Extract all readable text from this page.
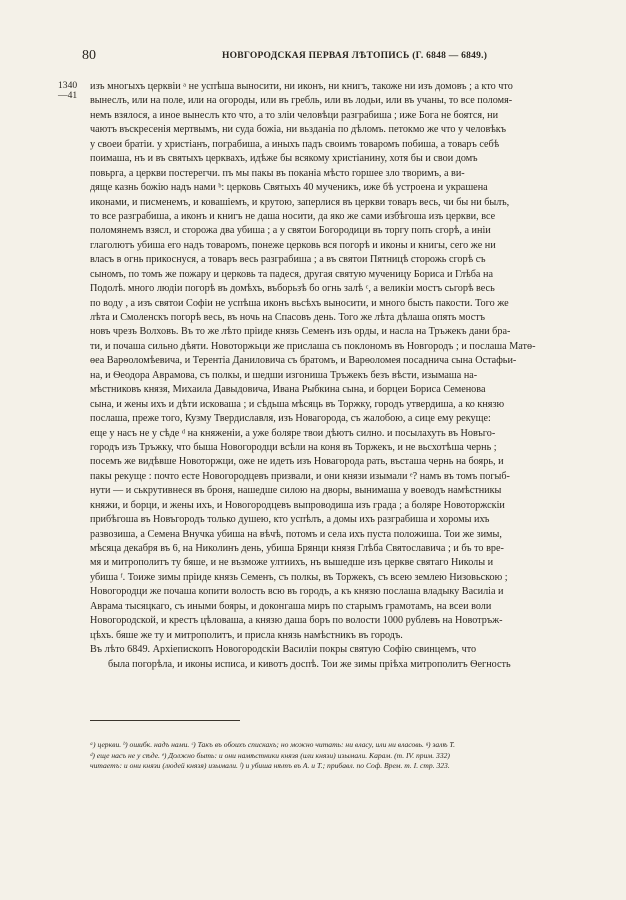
80	НОВГОРОДСКАЯ ПЕРВАЯ ЛѢТОПИСЬ (Г. 6848 — 6849.)
1340
—41
изъ многыхъ церквiи ᵃ не успѣша выносити, ни иконъ, ни книгъ, такоже ни изъ домовъ ; а кто что
вынеслъ, или на поле, или на огороды, или въ гребль, или въ лодьи, или въ учаны, то все поломя-
немъ взялося, а иное вынеслъ кто что, а то злiи человѣци разграбиша ; иже Бога не боятся, ни
чаютъ въскресенiя мертвымъ, ни суда божiа, ни вьзданiа по дѣломъ. петокмо же что у человѣкъ
у своеи братiи. у христiанъ, пограбиша, а иныхъ падъ своимъ товаромъ побиша, а товаръ себѣ
поимаша, нъ и въ святыхъ церквахъ, идѣже бы всякому христiанину, хотя бы и свои домъ
повьрга, а церкви постерегчи. пъ мы пакы въ поканiа мѣсто горшее зло творимъ, а ви-
дяще казнь божiю надъ нами ᵇ: церковь Святыхъ 40 мученикъ, иже бѣ устроена и украшена
иконами, и писмeнемъ, и ковашiемъ, и крутою, заперлися въ церкви товаръ весь, чи бы ни былъ,
то все разграбиша, а иконъ и книгъ не даша носити, да яко же сами избѣгоша изъ церкви, все
поломянемъ взясл, и сторожа два убиша ; а у святои Богородици въ торгу попъ сгорѣ, а инiи
глаголютъ убиша его надъ товаромъ, понеже церковь вся погорѣ и иконы и книгы, сего же ни
власъ в огнь прикоснуся, а товаръ весь разграбиша ; а въ святои Пятницѣ сторожь сгорѣ съ
сыномъ, по томъ же пожару и церковь та падеся, другая святую мученицу Бориса и Глѣба на
Подолѣ. многo людiи погорѣ въ домѣхъ, въборьзѣ бо огнь залѣ ᶜ, а великiи мостъ сьгорѣ весь
по воду , а изъ святои Софiи не успѣша иконъ вьсѣхъ выносити, и много бысть пакости. Того же
лѣта и Смоленскъ погорѣ весь, въ ночь на Спасовъ день. Того же лѣта дѣлаша опять мостъ
новъ чрезъ Волховъ. Въ то же лѣто прiиде князь Семенъ изъ орды, и насла на Тръжекъ дани бра-
ти, и почаша сильно дѣяти. Новоторжьци же прислаша съ поклономъ въ Новгородъ ; и послаша Матѳ-
ѳеа Варѳоломѣевича, и Терентiа Даниловича съ братомъ, и Варѳоломея посадничa сына Остафьи-
на, и Ѳеодора Аврамова, съ полкы, и шедши изгониша Тръжекъ безъ вѣсти, изымаша на-
мѣстниковъ князя, Михаила Давыдовича, Ивана Рыбкина сына, и борцеи Бориса Семенова
сына, и жены ихъ и дѣти исковаша ; и сѣдьша мѣсяць въ Торжку, городъ утвердиша, а ко князю
послаша, преже того, Кузму Твердиславля, изъ Новагорода, съ жалобою, а сице ему рекуще:
еще у насъ не у сѣде ᵈ на княженiи, а уже боляре твои дѣютъ силно. и посылахуть въ Новъго-
городъ изъ Тръжку, что быша Новогородци всѣли на коня въ Торжекъ, и не вьсхотѣша чернь ;
посемъ же видѣвше Новоторжци, оже не идеть изъ Новагорода рать, въсташа чернь на боярь, и
пакы рекуще : почто есте Новогородцевъ призвали, и они князи изымали ᵉ? намъ въ томъ погыб-
нути — и ськрутивнеся въ броня, нашедше силою на дворы, вынимаша у воеводъ намѣстникы
княжи, и борци, и жены ихъ, и Новогородцевъ выпроводиша изъ града ; а боляре Новоторжскiи
прибѣгоша въ Новъгородъ только душею, кто успѣлъ, а домы ихъ разграбиша и хоромы ихъ
развозиша, а Семена Внучка убиша на вѣчѣ, потомъ и села ихъ пуста положиша. Тои же зимы,
мѣсяца декабря въ 6, на Николинъ день, убиша Брянци князя Глѣба Святославича ; и бъ то вре-
мя и митрополитъ ту бяше, и не възможе ултиихъ, нъ вышедше изъ церкве святаго Николы и
убиша ᶠ. Тоиже зимы прiиде князь Семенъ, съ полкы, въ Торжекъ, съ всею землею Низовьскою ;
Новогородци же почаша копити волость всю въ городъ, а къ князю послаша владыку Василiа и
Аврама тысяцкаго, съ иными бояры, и доконгаша миръ по старымъ грамотамъ, на всеи воли
Новогородской, и крестъ цѣловаша, а князю даша боръ по волости 1000 рублевъ на Новотръж-
цѣхъ. бяше же ту и митрополитъ, и присла князь намѣстникъ въ городъ.
Въ лѣто 6849. Архiепископъ Новогородскiи Василiи покры святую Софiю свинцемъ, что
была погорѣла, и иконы исписа, и кивотъ доспѣ. Тои же зимы прiѣха митрополитъ Ѳегность
ᵃ) церкви. ᵇ) ошибк. надъ нами. ᶜ) Такъ въ обоихъ спискахъ; но можно читать: ни власу, или ни власовь. ᵍ) залѣ Т.
ᵈ) еще насъ не у сѣде. ᵉ) Должно быть: и они намѣстники князя (или князи) изымали. Карам. (т. IV. прим. 332)
читаетъ: и они князи (людей князя) изымали. ᶠ) и убиша нѣтъ въ А. и Т.; прибавл. по Соф. Врем. т. I. стр. 323.
